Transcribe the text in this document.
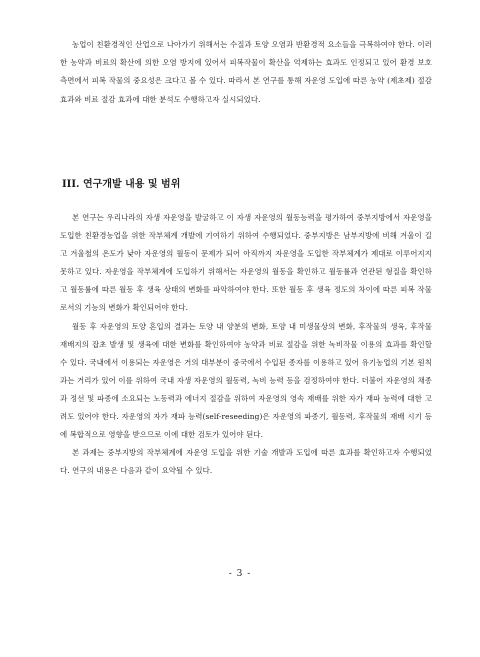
농업이 친환경적인 산업으로 나아가기 위해서는 수질과 토양 오염과 반환경적 요소들을 극복하여야 한다. 이러한 농약과 비료의 확산에 의한 오염 방지에 있어서 피복작물이 확산을 억제하는 효과도 인정되고 있어 환경 보호 측면에서 피복 작물의 중요성은 크다고 볼 수 있다. 따라서 본 연구를 통해 자운영 도입에 따른 농약 (제초제) 절감 효과와 비료 절감 효과에 대한 분석도 수행하고자 실시되었다.

III. 연구개발 내용 및 범위

본 연구는 우리나라의 자생 자운영을 발굴하고 이 자생 자운영의 월동능력을 평가하여 중부지방에서 자운영을 도입한 친환경농업을 위한 작부체계 개발에 기여하기 위하여 수행되었다. 중부지방은 남부지방에 비해 겨울이 길고 겨울철의 온도가 낮아 자운영의 월동이 문제가 되어 아직까지 자운영을 도입한 작부체계가 제대로 이루어지지 못하고 있다. 자운영을 작부체계에 도입하기 위해서는 자운영의 월동을 확인하고 월동률과 연관된 형질을 확인하고 월동률에 따른 월동 후 생육 상태의 변화를 파악하여야 한다. 또한 월동 후 생육 정도의 차이에 따른 피복 작물로서의 기능의 변화가 확인되어야 한다.

월동 후 자운영의 토양 혼입의 결과는 토양 내 양분의 변화, 토양 내 미생물상의 변화, 후작물의 생육, 후작물 재배지의 잡초 발생 및 생육에 대한 변화를 확인하여야 농약과 비료 절감을 위한 녹비작물 이용의 효과를 확인할 수 있다. 국내에서 이용되는 자운영은 거의 대부분이 중국에서 수입된 종자를 이용하고 있어 유기농업의 기본 원칙과는 거리가 있어 이를 위하여 국내 자생 자운영의 월동력, 녹비 능력 등을 검정하여야 한다. 더불어 자운영의 채종과 정선 및 파종에 소요되는 노동력과 에너지 절감을 위하여 자운영의 영속 재배를 위한 자가 재파 능력에 대한 고려도 있어야 한다. 자운영의 자가 재파 능력(self-reseeding)은 자운영의 파종기, 월동력, 후작물의 재배 시기 등에 복합적으로 영향을 받으므로 이에 대한 검토가 있어야 된다.

본 과제는 중부지방의 작부체계에 자운영 도입을 위한 기술 개발과 도입에 따른 효과를 확인하고자 수행되었다. 연구의 내용은 다음과 같이 요약될 수 있다.

- 3 -
